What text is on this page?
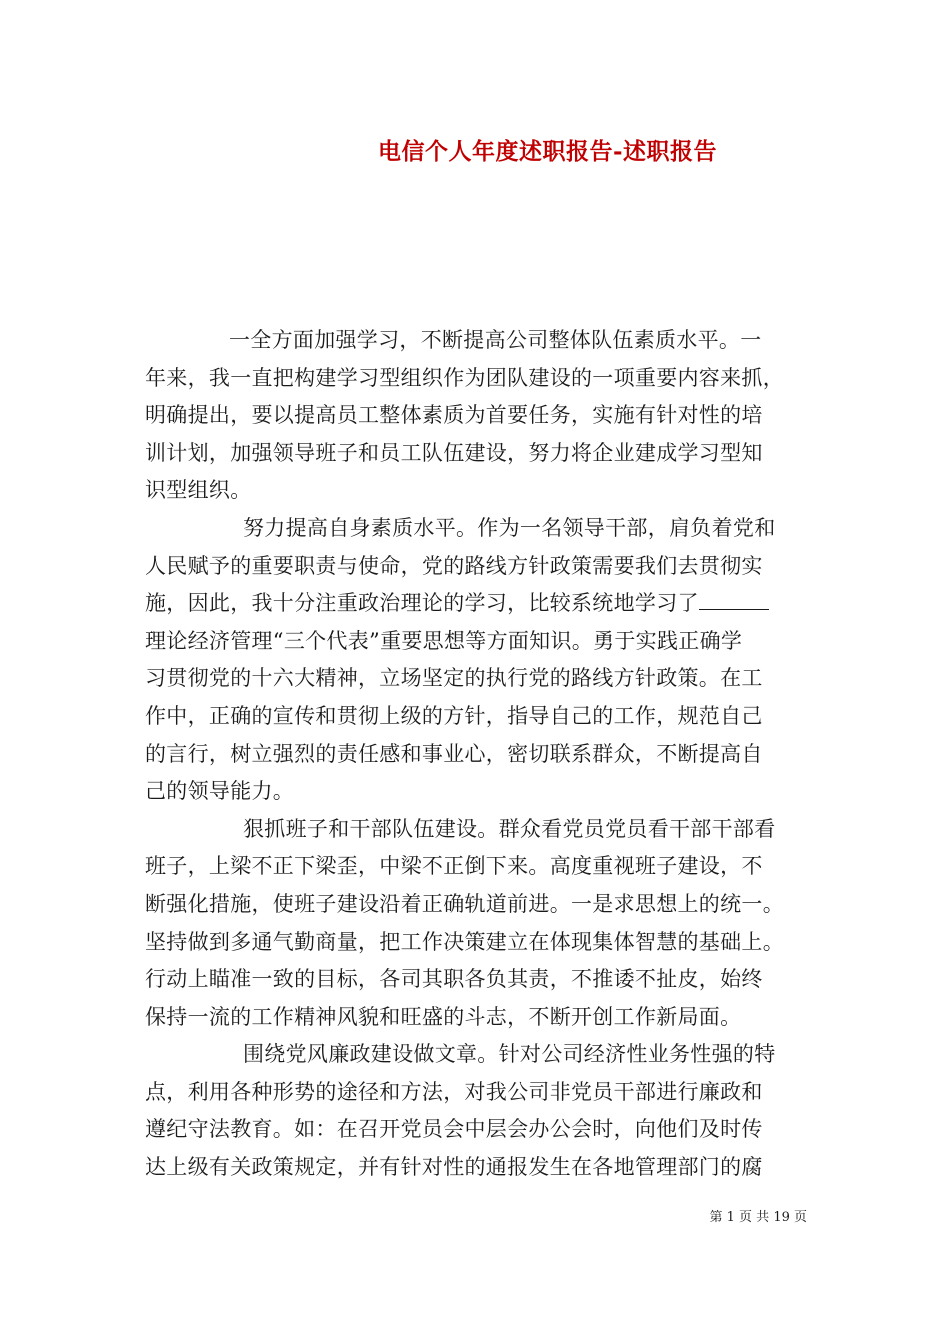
电信个人年度述职报告-述职报告

一全方面加强学习，不断提高公司整体队伍素质水平。一
年来，我一直把构建学习型组织作为团队建设的一项重要内容来抓，
明确提出，要以提高员工整体素质为首要任务，实施有针对性的培
训计划，加强领导班子和员工队伍建设，努力将企业建成学习型知
识型组织。

努力提高自身素质水平。作为一名领导干部，肩负着党和
人民赋予的重要职责与使命，党的路线方针政策需要我们去贯彻实
施，因此，我十分注重政治理论的学习，比较系统地学习了
理论经济管理“三个代表”重要思想等方面知识。勇于实践正确学
习贯彻党的十六大精神，立场坚定的执行党的路线方针政策。在工
作中，正确的宣传和贯彻上级的方针，指导自己的工作，规范自己
的言行，树立强烈的责任感和事业心，密切联系群众，不断提高自
己的领导能力。

狠抓班子和干部队伍建设。群众看党员党员看干部干部看
班子，上梁不正下梁歪，中梁不正倒下来。高度重视班子建设，不
断强化措施，使班子建设沿着正确轨道前进。一是求思想上的统一。
坚持做到多通气勤商量，把工作决策建立在体现集体智慧的基础上。
行动上瞄准一致的目标，各司其职各负其责，不推诿不扯皮，始终
保持一流的工作精神风貌和旺盛的斗志，不断开创工作新局面。

围绕党风廉政建设做文章。针对公司经济性业务性强的特
点，利用各种形势的途径和方法，对我公司非党员干部进行廉政和
遵纪守法教育。如：在召开党员会中层会办公会时，向他们及时传
达上级有关政策规定，并有针对性的通报发生在各地管理部门的腐

第 1 页 共 19 页
